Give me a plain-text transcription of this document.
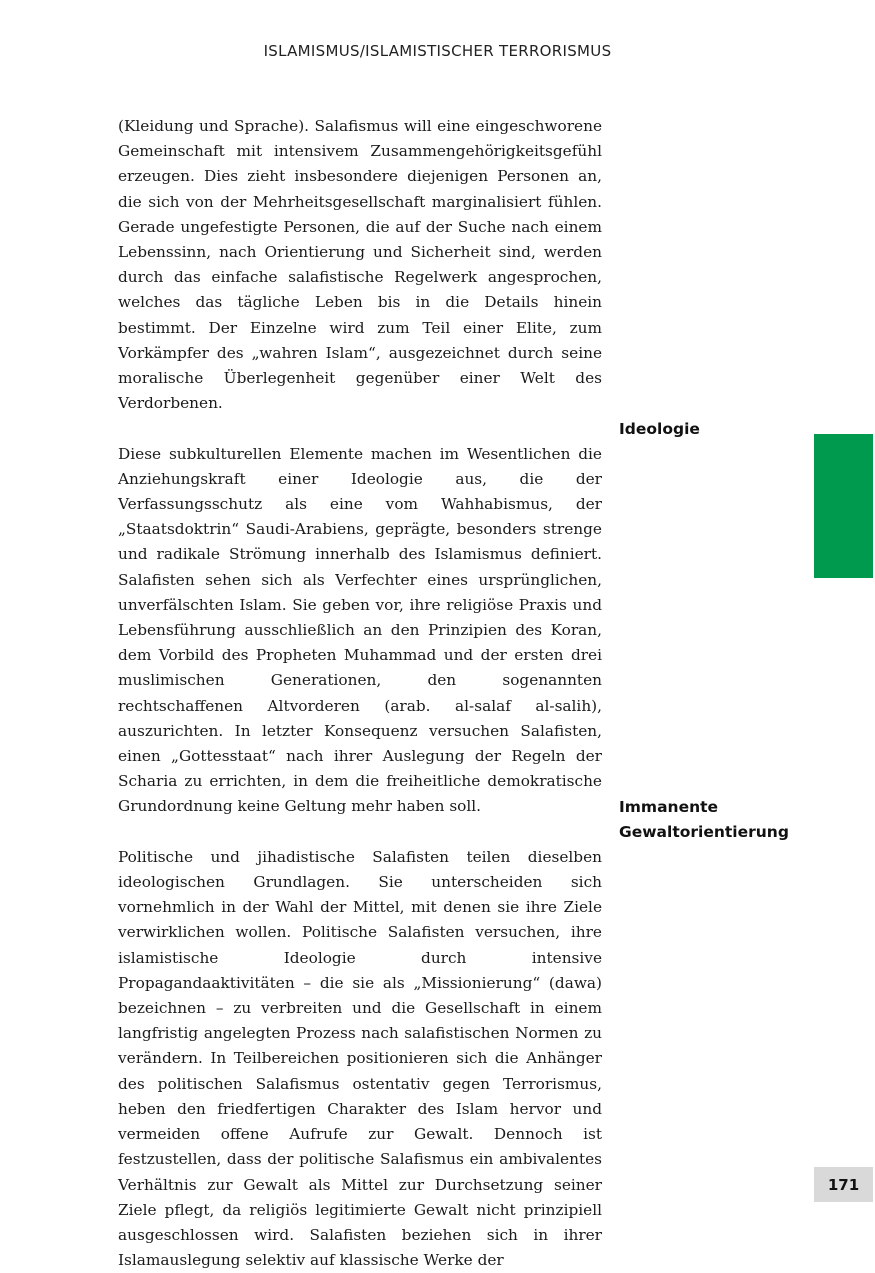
ISLAMISMUS/ISLAMISTISCHER TERRORISMUS

(Kleidung und Sprache). Salafismus will eine eingeschworene Gemeinschaft mit intensivem Zusammengehörigkeitsgefühl erzeugen. Dies zieht insbesondere diejenigen Personen an, die sich von der Mehrheitsgesellschaft marginalisiert fühlen. Gerade ungefestigte Personen, die auf der Suche nach einem Lebenssinn, nach Orientierung und Sicherheit sind, werden durch das einfache salafistische Regelwerk angesprochen, welches das tägliche Leben bis in die Details hinein bestimmt. Der Einzelne wird zum Teil einer Elite, zum Vorkämpfer des „wahren Islam“, ausgezeichnet durch seine moralische Überlegenheit gegenüber einer Welt des Verdorbenen.

Diese subkulturellen Elemente machen im Wesentlichen die Anziehungskraft einer Ideologie aus, die der Verfassungsschutz als eine vom Wahhabismus, der „Staatsdoktrin“ Saudi-Arabiens, geprägte, besonders strenge und radikale Strömung innerhalb des Islamismus definiert. Salafisten sehen sich als Verfechter eines ursprünglichen, unverfälschten Islam. Sie geben vor, ihre religiöse Praxis und Lebensführung ausschließlich an den Prinzipien des Koran, dem Vorbild des Propheten Muhammad und der ersten drei muslimischen Generationen, den sogenannten rechtschaffenen Altvorderen (arab. al-salaf al-salih), auszurichten. In letzter Konsequenz versuchen Salafisten, einen „Gottesstaat“ nach ihrer Auslegung der Regeln der Scharia zu errichten, in dem die freiheitliche demokratische Grundordnung keine Geltung mehr haben soll.

Politische und jihadistische Salafisten teilen dieselben ideologischen Grundlagen. Sie unterscheiden sich vornehmlich in der Wahl der Mittel, mit denen sie ihre Ziele verwirklichen wollen. Politische Salafisten versuchen, ihre islamistische Ideologie durch intensive Propagandaaktivitäten – die sie als „Missionierung“ (dawa) bezeichnen – zu verbreiten und die Gesellschaft in einem langfristig angelegten Prozess nach salafistischen Normen zu verändern. In Teilbereichen positionieren sich die Anhänger des politischen Salafismus ostentativ gegen Terrorismus, heben den friedfertigen Charakter des Islam hervor und vermeiden offene Aufrufe zur Gewalt. Dennoch ist festzustellen, dass der politische Salafismus ein ambivalentes Verhältnis zur Gewalt als Mittel zur Durchsetzung seiner Ziele pflegt, da religiös legitimierte Gewalt nicht prinzipiell ausgeschlossen wird. Salafisten beziehen sich in ihrer Islamauslegung selektiv auf klassische Werke der

Ideologie
Immanente
Gewaltorientierung
171
